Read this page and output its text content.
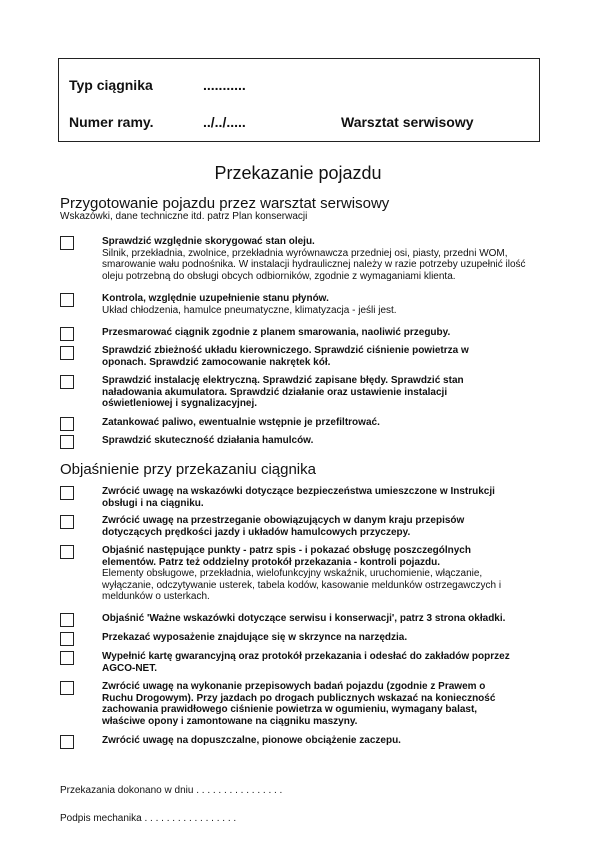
Typ ciągnika	...........
Numer ramy.	../../.....	Warsztat serwisowy
Przekazanie pojazdu
Przygotowanie pojazdu przez warsztat serwisowy
Wskazówki, dane techniczne itd. patrz Plan konserwacji
Sprawdzić względnie skorygować stan oleju.
Silnik, przekładnia, zwolnice, przekładnia wyrównawcza przedniej osi, piasty, przedni WOM, smarowanie wału podnośnika. W instalacji hydraulicznej należy w razie potrzeby uzupełnić ilość oleju potrzebną do obsługi obcych odbiorników, zgodnie z wymaganiami klienta.
Kontrola, względnie uzupełnienie stanu płynów.
Układ chłodzenia, hamulce pneumatyczne, klimatyzacja - jeśli jest.
Przesmarować ciągnik zgodnie z planem smarowania, naoliwić przeguby.
Sprawdzić zbieżność układu kierowniczego. Sprawdzić ciśnienie powietrza w oponach. Sprawdzić zamocowanie nakrętek kół.
Sprawdzić instalację elektryczną. Sprawdzić zapisane błędy. Sprawdzić stan naładowania akumulatora. Sprawdzić działanie oraz ustawienie instalacji oświetleniowej i sygnalizacyjnej.
Zatankować paliwo, ewentualnie wstępnie je przefiltrować.
Sprawdzić skuteczność działania hamulców.
Objaśnienie przy przekazaniu ciągnika
Zwrócić uwagę na wskazówki dotyczące bezpieczeństwa umieszczone w Instrukcji obsługi i na ciągniku.
Zwrócić uwagę na przestrzeganie obowiązujących w danym kraju przepisów dotyczących prędkości jazdy i układów hamulcowych przyczepy.
Objaśnić następujące punkty - patrz spis - i pokazać obsługę poszczególnych elementów. Patrz też oddzielny protokół przekazania - kontroli pojazdu.
Elementy obsługowe, przekładnia, wielofunkcyjny wskaźnik, uruchomienie, włączanie, wyłączanie, odczytywanie usterek, tabela kodów, kasowanie meldunków ostrzegawczych i meldunków o usterkach.
Objaśnić 'Ważne wskazówki dotyczące serwisu i konserwacji', patrz 3 strona okładki.
Przekazać wyposażenie znajdujące się w skrzynce na narzędzia.
Wypełnić kartę gwarancyjną oraz protokół przekazania i odesłać do zakładów poprzez AGCO-NET.
Zwrócić uwagę na wykonanie przepisowych badań pojazdu (zgodnie z Prawem o Ruchu Drogowym). Przy jazdach po drogach publicznych wskazać na konieczność zachowania prawidłowego ciśnienie powietrza w ogumieniu, wymagany balast, właściwe opony i zamontowane na ciągniku maszyny.
Zwrócić uwagę na dopuszczalne, pionowe obciążenie zaczepu.
Przekazania dokonano w dniu . . . . . . . . . . . . . . . .
Podpis mechanika . . . . . . . . . . . . . . . . .
